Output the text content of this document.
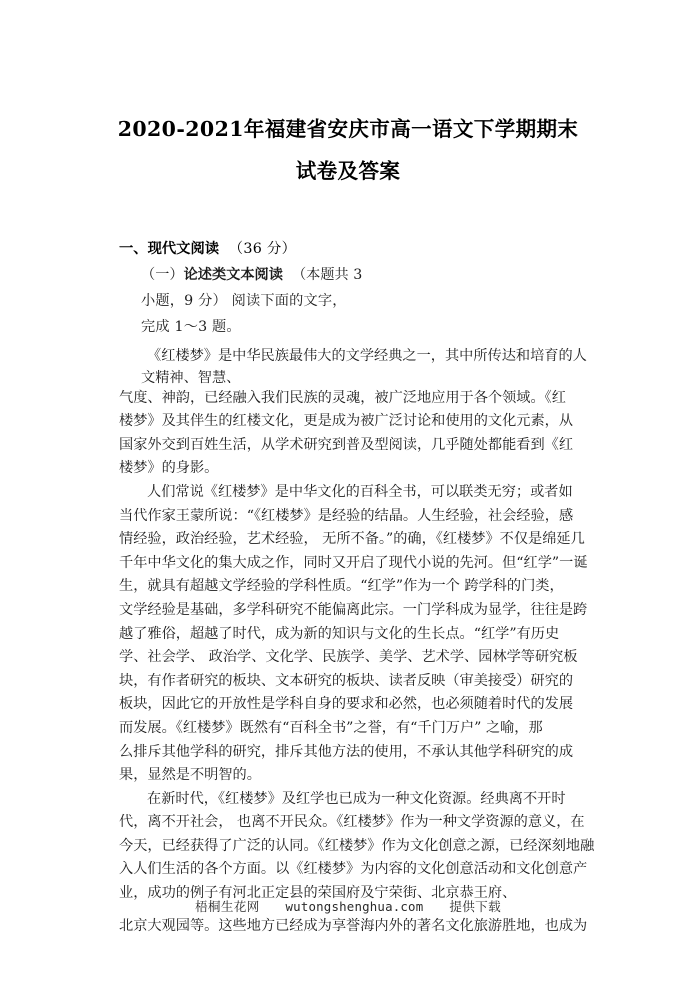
2020-2021年福建省安庆市高一语文下学期期末
试卷及答案
一、现代文阅读 （36 分）
（一）论述类文本阅读 （本题共 3
小题，9 分） 阅读下面的文字，
完成 1～3 题。
《红楼梦》是中华民族最伟大的文学经典之一，其中所传达和培育的人
文精神、智慧、
气度、神韵，已经融入我们民族的灵魂，被广泛地应用于各个领域。《红
楼梦》及其伴生的红楼文化，更是成为被广泛讨论和使用的文化元素，从
国家外交到百姓生活，从学术研究到普及型阅读，几乎随处都能看到《红
楼梦》的身影。
人们常说《红楼梦》是中华文化的百科全书，可以联类无穷；或者如
当代作家王蒙所说：“《红楼梦》是经验的结晶。人生经验，社会经验，感
情经验，政治经验，艺术经验， 无所不备。”的确，《红楼梦》不仅是绵延几
千年中华文化的集大成之作，同时又开启了现代小说的先河。但“红学”一诞
生，就具有超越文学经验的学科性质。“红学”作为一个 跨学科的门类，
文学经验是基础，多学科研究不能偏离此宗。一门学科成为显学，往往是跨
越了雅俗，超越了时代，成为新的知识与文化的生长点。“红学”有历史
学、社会学、 政治学、文化学、民族学、美学、艺术学、园林学等研究板
块，有作者研究的板块、文本研究的板块、读者反映（审美接受）研究的
板块，因此它的开放性是学科自身的要求和必然，也必须随着时代的发展
而发展。《红楼梦》既然有“百科全书”之誉，有“千门万户” 之喻，那
么排斥其他学科的研究，排斥其他方法的使用，不承认其他学科研究的成
果，显然是不明智的。
在新时代，《红楼梦》及红学也已成为一种文化资源。经典离不开时
代，离不开社会， 也离不开民众。《红楼梦》作为一种文学资源的意义，在
今天，已经获得了广泛的认同。《红楼梦》作为文化创意之源，已经深刻地融
入人们生活的各个方面。以《红楼梦》为内容的文化创意活动和文化创意产
业，成功的例子有河北正定县的荣国府及宁荣街、北京恭王府、
北京大观园等。这些地方已经成为享誉海内外的著名文化旅游胜地，也成为
梧桐生花网 wutongshenghua.com 提供下载
